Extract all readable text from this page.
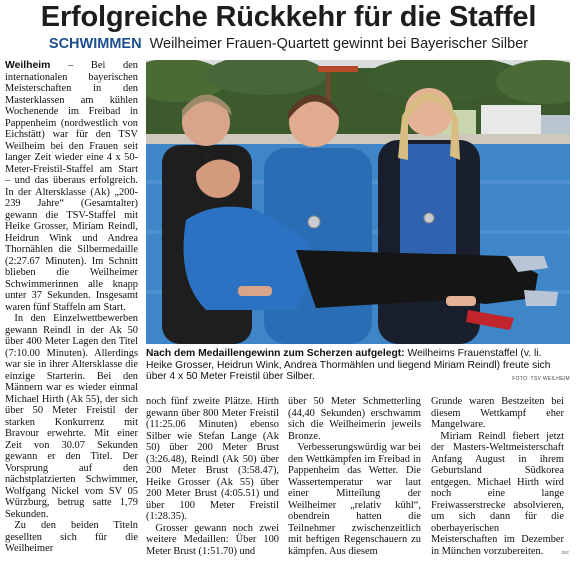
Erfolgreiche Rückkehr für die Staffel
SCHWIMMEN Weilheimer Frauen-Quartett gewinnt bei Bayerischer Silber

Weilheim – Bei den internationalen bayerischen Meisterschaften in den Masterklassen am kühlen Wochenende im Freibad in Pappenheim (nordwestlich von Eichstätt) war für den TSV Weilheim bei den Frauen seit langer Zeit wieder eine 4 x 50-Meter-Freistil-Staffel am Start – und das überaus erfolgreich. In der Altersklasse (Ak) „200-239 Jahre“ (Gesamtalter) gewann die TSV-Staffel mit Heike Grosser, Miriam Reindl, Heidrun Wink und Andrea Thornählen die Silbermedaille (2:27.67 Minuten). Im Schnitt blieben die Weilheimer Schwimmerinnen alle knapp unter 37 Sekunden. Insgesamt waren fünf Staffeln am Start.

In den Einzelwettbewerben gewann Reindl in der Ak 50 über 400 Meter Lagen den Titel (7:10.00 Minuten). Allerdings war sie in ihrer Altersklasse die einzige Starterin. Bei den Männern war es wieder einmal Michael Hirth (Ak 55), der sich über 50 Meter Freistil der starken Konkurrenz mit Bravour erwehrte. Mit einer Zeit von 30.07 Sekunden gewann er den Titel. Der Vorsprung auf den nächstplatzierten Schwimmer, Wolfgang Nickel vom SV 05 Würzburg, betrug satte 1,79 Sekunden.

Zu den beiden Titeln gesellten sich für die Weilheimer

Nach dem Medaillengewinn zum Scherzen aufgelegt: Weilheims Frauenstaffel (v. li. Heike Grosser, Heidrun Wink, Andrea Thormählen und liegend Miriam Reindl) freute sich über 4 x 50 Meter Freistil über Silber.	FOTO: TSV WEILHEIM

noch fünf zweite Plätze. Hirth gewann über 800 Meter Freistil (11:25.06 Minuten) ebenso Silber wie Stefan Lange (Ak 50) über 200 Meter Brust (3:26.48), Reindl (Ak 50) über 200 Meter Brust (3:58.47), Heike Grosser (Ak 55) über 200 Meter Brust (4:05.51) und über 100 Meter Freistil (1:28.35).

Grosser gewann noch zwei weitere Medaillen: Über 100 Meter Brust (1:51.70) und

über 50 Meter Schmetterling (44,40 Sekunden) erschwamm sich die Weilheimerin jeweils Bronze.

Verbesserungswürdig war bei den Wettkämpfen im Freibad in Pappenheim das Wetter. Die Wassertemperatur war laut einer Mitteilung der Weilheimer „relativ kühl“, obendrein hatten die Teilnehmer zwischenzeitlich mit heftigen Regenschauern zu kämpfen. Aus diesem

Grunde waren Bestzeiten bei diesem Wettkampf eher Mangelware.

Miriam Reindl fiebert jetzt der Masters-Weltmeisterschaft Anfang August in ihrem Geburtsland Südkorea entgegen. Michael Hirth wird noch eine lange Freiwasserstrecke absolvieren, um sich dann für die oberbayerischen Meisterschaften im Dezember in München vorzubereiten.	ssc
